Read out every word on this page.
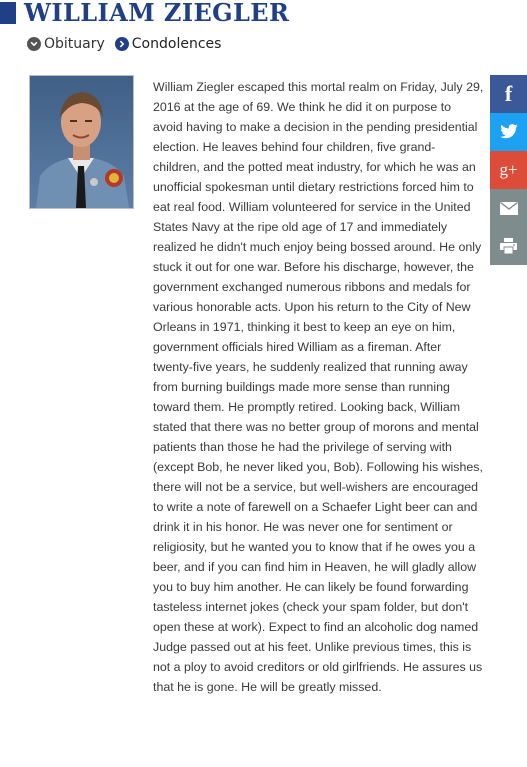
WILLIAM ZIEGLER
Obituary Condolences

William Ziegler escaped this mortal realm on Friday, July 29, 2016 at the age of 69. We think he did it on purpose to avoid having to make a decision in the pending presidential election. He leaves behind four children, five grand- children, and the potted meat industry, for which he was an unofficial spokesman until dietary restrictions forced him to eat real food. William volunteered for service in the United States Navy at the ripe old age of 17 and immediately realized he didn't much enjoy being bossed around. He only stuck it out for one war. Before his discharge, however, the government exchanged numerous ribbons and medals for various honorable acts. Upon his return to the City of New Orleans in 1971, thinking it best to keep an eye on him, government officials hired William as a fireman. After twenty-five years, he suddenly realized that running away from burning buildings made more sense than running toward them. He promptly retired. Looking back, William stated that there was no better group of morons and mental patients than those he had the privilege of serving with (except Bob, he never liked you, Bob). Following his wishes, there will not be a service, but well-wishers are encouraged to write a note of farewell on a Schaefer Light beer can and drink it in his honor. He was never one for sentiment or religiosity, but he wanted you to know that if he owes you a beer, and if you can find him in Heaven, he will gladly allow you to buy him another. He can likely be found forwarding tasteless internet jokes (check your spam folder, but don't open these at work). Expect to find an alcoholic dog named Judge passed out at his feet. Unlike previous times, this is not a ploy to avoid creditors or old girlfriends. He assures us that he is gone. He will be greatly missed.

f
g+
